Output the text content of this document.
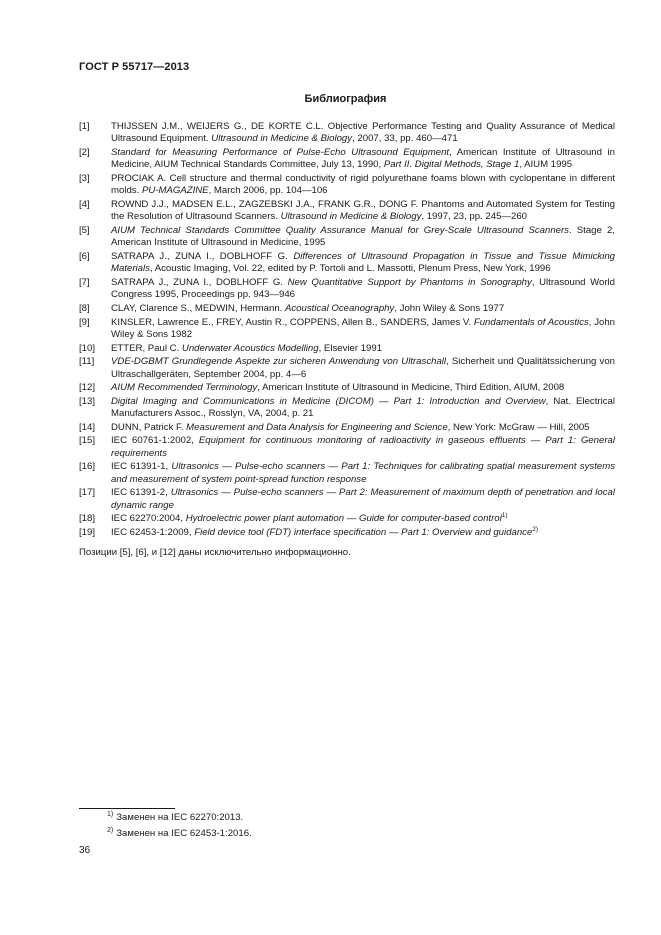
ГОСТ Р 55717—2013
Библиография
[1]	THIJSSEN J.M., WEIJERS G., DE KORTE C.L. Objective Performance Testing and Quality Assurance of Medical Ultrasound Equipment. Ultrasound in Medicine & Biology, 2007, 33, pp. 460—471
[2]	Standard for Measuring Performance of Pulse-Echo Ultrasound Equipment, American Institute of Ultrasound in Medicine, AIUM Technical Standards Committee, July 13, 1990, Part II. Digital Methods, Stage 1, AIUM 1995
[3]	PROCIAK A. Cell structure and thermal conductivity of rigid polyurethane foams blown with cyclopentane in different molds. PU-MAGAZINE, March 2006, pp. 104—106
[4]	ROWND J.J., MADSEN E.L., ZAGZEBSKI J.A., FRANK G.R., DONG F. Phantoms and Automated System for Testing the Resolution of Ultrasound Scanners. Ultrasound in Medicine & Biology, 1997, 23, pp. 245—260
[5]	AIUM Technical Standards Committee Quality Assurance Manual for Grey-Scale Ultrasound Scanners. Stage 2, American Institute of Ultrasound in Medicine, 1995
[6]	SATRAPA J., ZUNA I., DOBLHOFF G. Differences of Ultrasound Propagation in Tissue and Tissue Mimicking Materials, Acoustic Imaging, Vol. 22, edited by P. Tortoli and L. Massotti, Plenum Press, New York, 1996
[7]	SATRAPA J., ZUNA I., DOBLHOFF G. New Quantitative Support by Phantoms in Sonography, Ultrasound World Congress 1995, Proceedings pp. 943—946
[8]	CLAY, Clarence S., MEDWIN, Hermann. Acoustical Oceanography, John Wiley & Sons 1977
[9]	KINSLER, Lawrence E., FREY, Austin R., COPPENS, Allen B., SANDERS, James V. Fundamentals of Acoustics, John Wiley & Sons 1982
[10]	ETTER, Paul C. Underwater Acoustics Modelling, Elsevier 1991
[11]	VDE-DGBMT Grundlegende Aspekte zur sicheren Anwendung von Ultraschall, Sicherheit und Qualitätssicherung von Ultraschallgeräten, September 2004, pp. 4—6
[12]	AIUM Recommended Terminology, American Institute of Ultrasound in Medicine, Third Edition, AIUM, 2008
[13]	Digital Imaging and Communications in Medicine (DICOM) — Part 1: Introduction and Overview, Nat. Electrical Manufacturers Assoc., Rosslyn, VA, 2004, p. 21
[14]	DUNN, Patrick F. Measurement and Data Analysis for Engineering and Science, New York: McGraw — Hill, 2005
[15]	IEC 60761-1:2002, Equipment for continuous monitoring of radioactivity in gaseous effluents — Part 1: General requirements
[16]	IEC 61391-1, Ultrasonics — Pulse-echo scanners — Part 1: Techniques for calibrating spatial measurement systems and measurement of system point-spread function response
[17]	IEC 61391-2, Ultrasonics — Pulse-echo scanners — Part 2: Measurement of maximum depth of penetration and local dynamic range
[18]	IEC 62270:2004, Hydroelectric power plant automation — Guide for computer-based control$^{1)}$
[19]	IEC 62453-1:2009, Field device tool (FDT) interface specification — Part 1: Overview and guidance$^{2)}$
Позиции [5], [6], и [12] даны исключительно информационно.
$^{1)}$ Заменен на IEC 62270:2013.
$^{2)}$ Заменен на IEC 62453-1:2016.
36
